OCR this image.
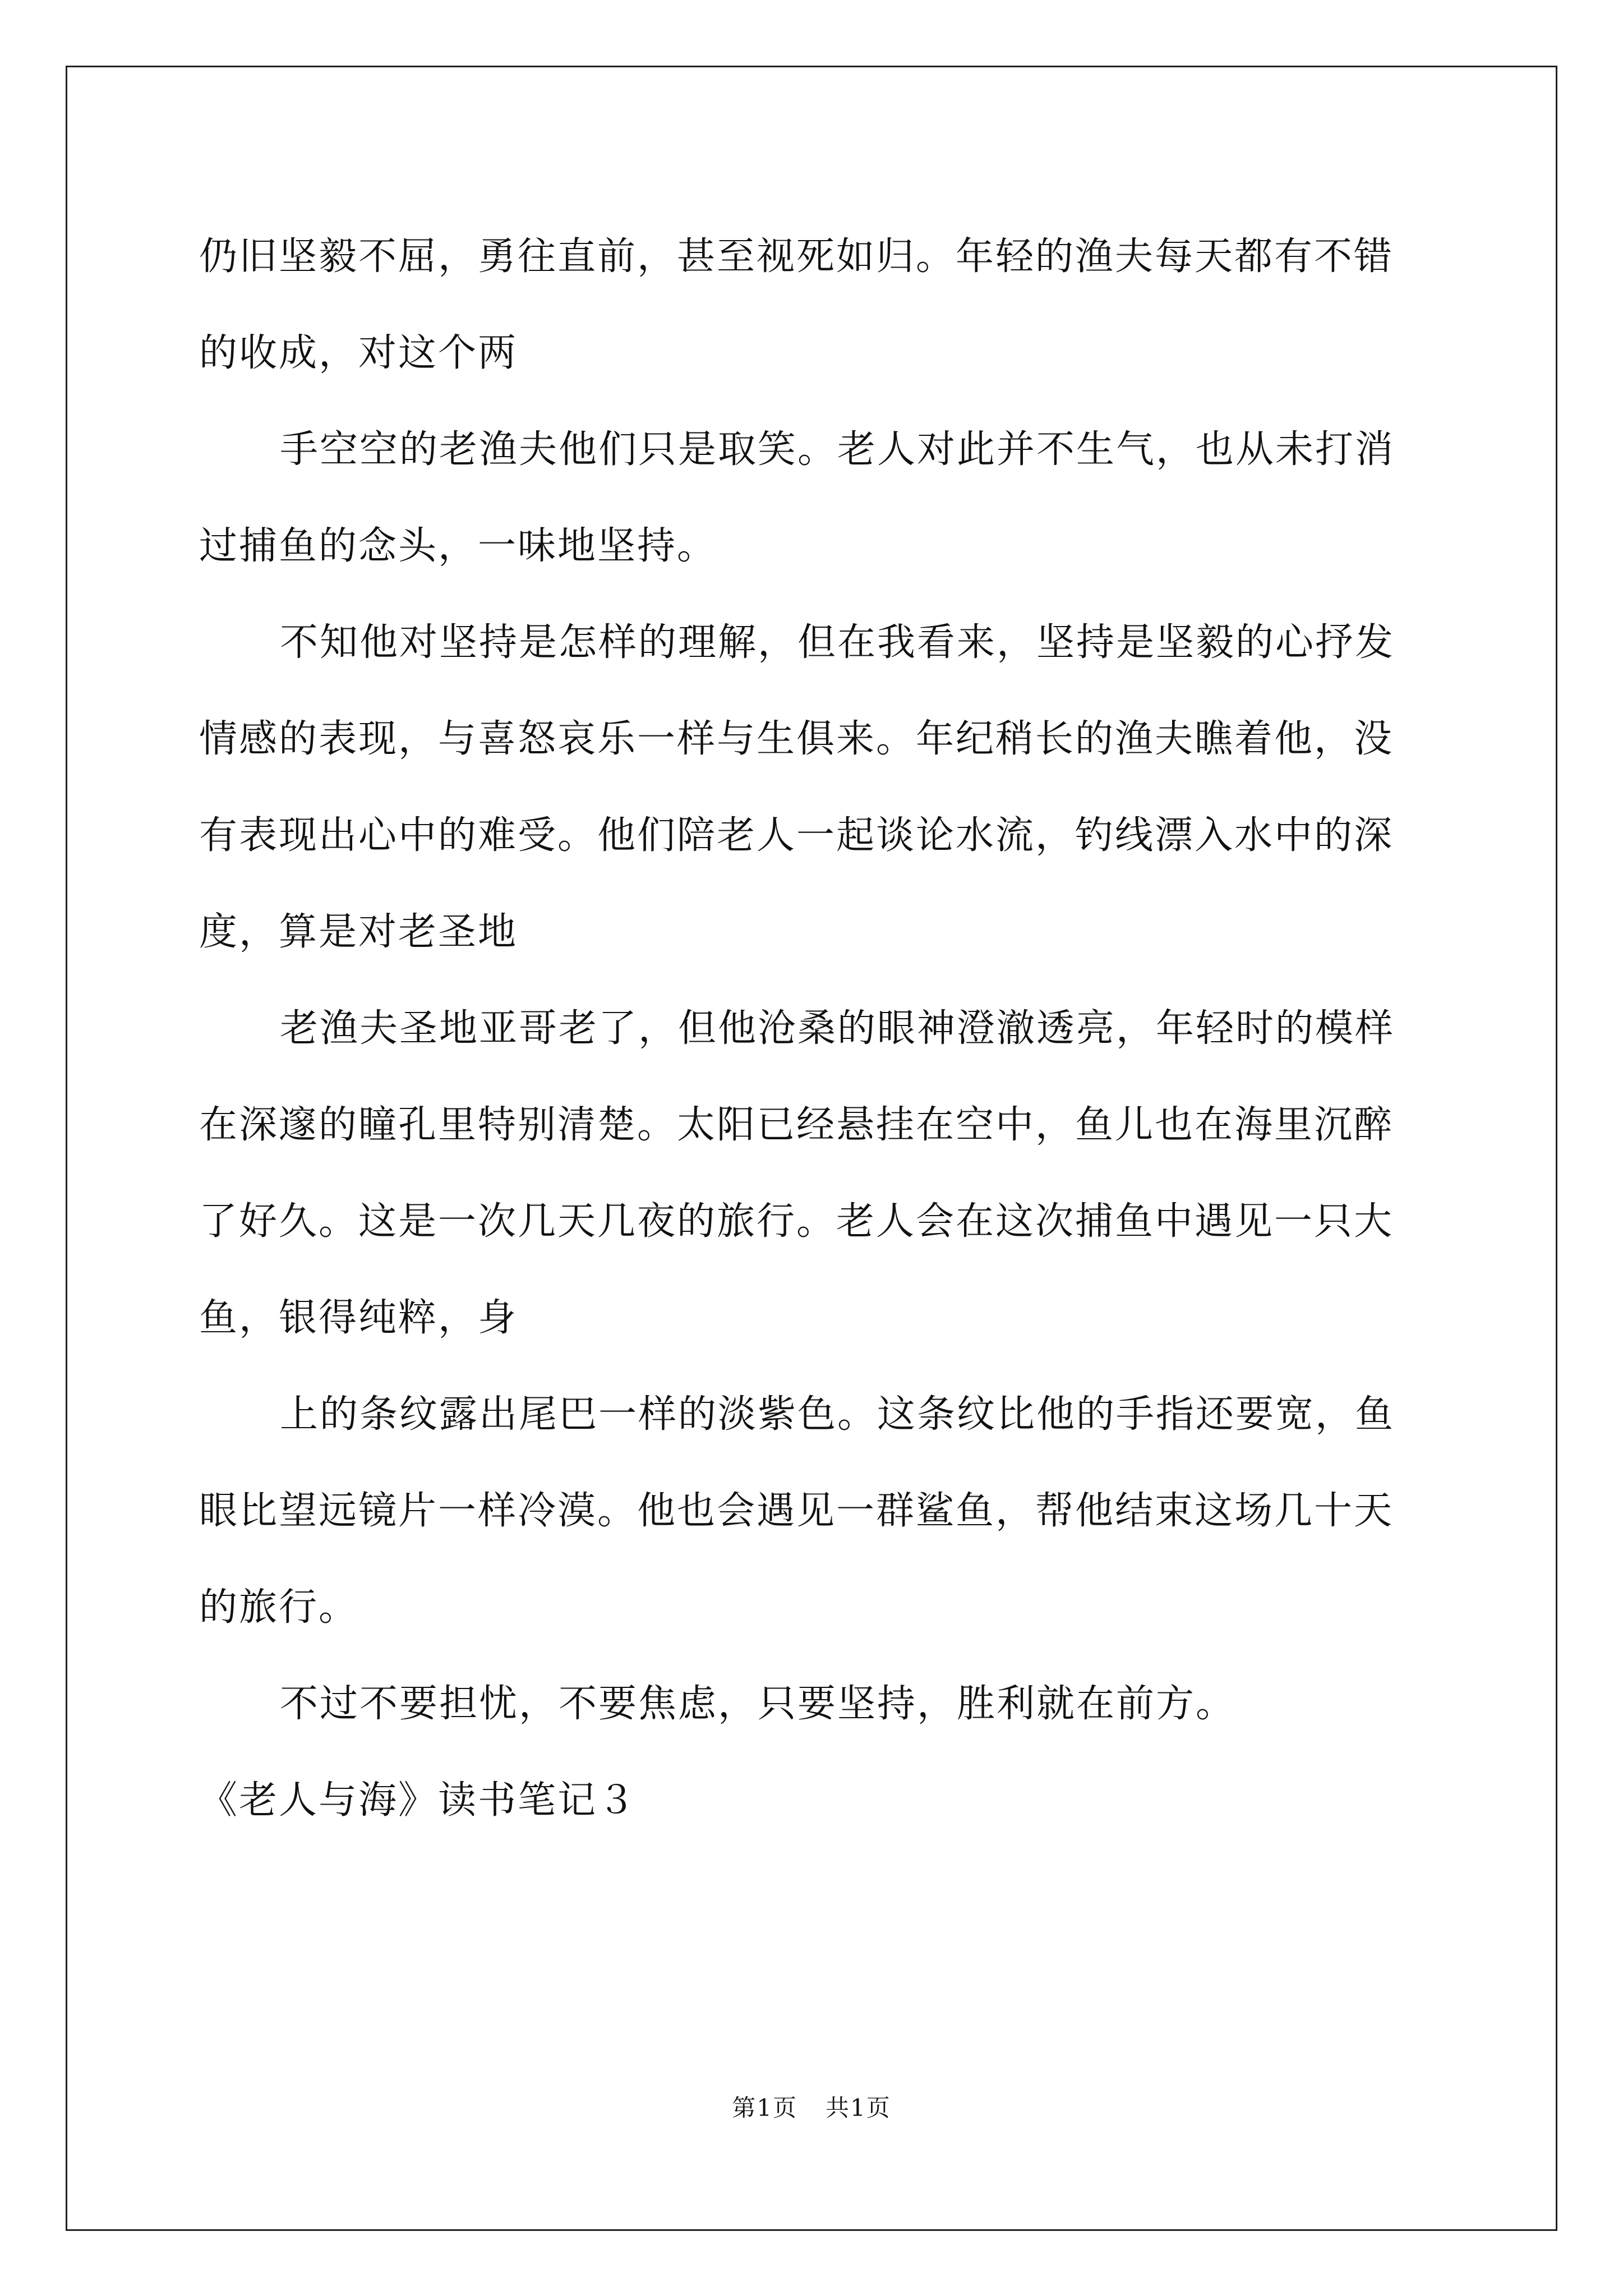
仍旧坚毅不屈，勇往直前，甚至视死如归。年轻的渔夫每天都有不错
的收成，对这个两
手空空的老渔夫他们只是取笑。老人对此并不生气，也从未打消
过捕鱼的念头，一味地坚持。
不知他对坚持是怎样的理解，但在我看来，坚持是坚毅的心抒发
情感的表现，与喜怒哀乐一样与生俱来。年纪稍长的渔夫瞧着他，没
有表现出心中的难受。他们陪老人一起谈论水流，钓线漂入水中的深
度，算是对老圣地
老渔夫圣地亚哥老了，但他沧桑的眼神澄澈透亮，年轻时的模样
在深邃的瞳孔里特别清楚。太阳已经悬挂在空中，鱼儿也在海里沉醉
了好久。这是一次几天几夜的旅行。老人会在这次捕鱼中遇见一只大
鱼，银得纯粹，身
上的条纹露出尾巴一样的淡紫色。这条纹比他的手指还要宽，鱼
眼比望远镜片一样冷漠。他也会遇见一群鲨鱼，帮他结束这场几十天
的旅行。
不过不要担忧，不要焦虑，只要坚持，胜利就在前方。
《老人与海》读书笔记３
第1页 共1页
